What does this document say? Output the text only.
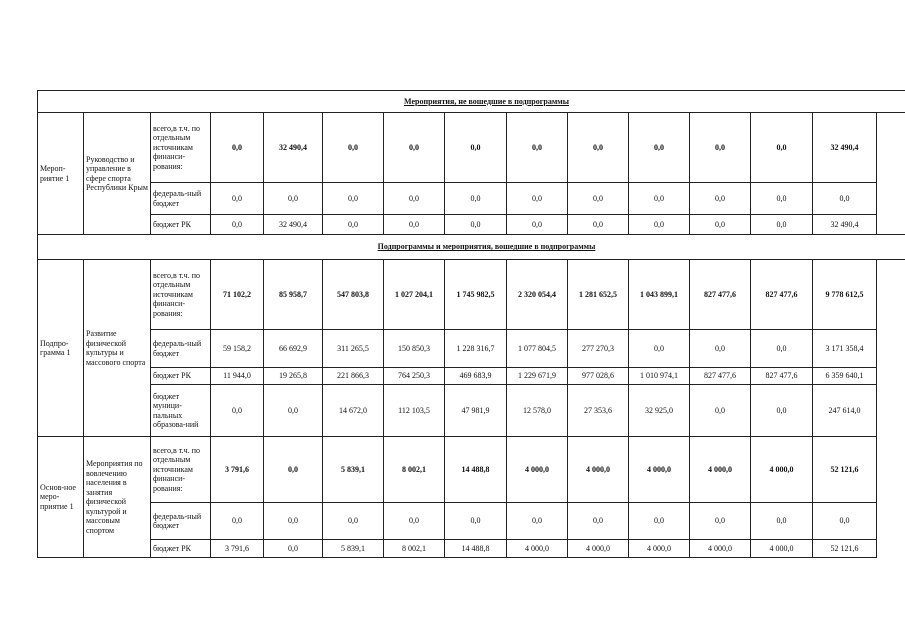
Мероприятия, не вошедшие в подпрограммы													
Мероп-риятие 1	Руководство и управление в сфере спорта Республики Крым	всего,в т.ч. по отдельным источникам финанси-рования:	0,0	32 490,4	0,0	0,0	0,0	0,0	0,0	0,0	0,0	0,0	32 490,4
		федераль-ный бюджет	0,0	0,0	0,0	0,0	0,0	0,0	0,0	0,0	0,0	0,0	0,0
		бюджет РК	0,0	32 490,4	0,0	0,0	0,0	0,0	0,0	0,0	0,0	0,0	32 490,4
Подпрограммы и мероприятия, вошедшие в подпрограммы													
Подпро-грамма 1	Развитие физической культуры и массового спорта	всего,в т.ч. по отдельным источникам финанси-рования:	71 102,2	85 958,7	547 803,8	1 027 204,1	1 745 982,5	2 320 054,4	1 281 652,5	1 043 899,1	827 477,6	827 477,6	9 778 612,5
		федераль-ный бюджет	59 158,2	66 692,9	311 265,5	150 850,3	1 228 316,7	1 077 804,5	277 270,3	0,0	0,0	0,0	3 171 358,4
		бюджет РК	11 944,0	19 265,8	221 866,3	764 250,3	469 683,9	1 229 671,9	977 028,6	1 010 974,1	827 477,6	827 477,6	6 359 640,1
		бюджет муници-пальных образова-ний	0,0	0,0	14 672,0	112 103,5	47 981,9	12 578,0	27 353,6	32 925,0	0,0	0,0	247 614,0
Основ-ное меро-приятие 1	Мероприятия по вовлечению населения в занятия физической культурой и массовым спортом	всего,в т.ч. по отдельным источникам финанси-рования:	3 791,6	0,0	5 839,1	8 002,1	14 488,8	4 000,0	4 000,0	4 000,0	4 000,0	4 000,0	52 121,6
		федераль-ный бюджет	0,0	0,0	0,0	0,0	0,0	0,0	0,0	0,0	0,0	0,0	0,0
		бюджет РК	3 791,6	0,0	5 839,1	8 002,1	14 488,8	4 000,0	4 000,0	4 000,0	4 000,0	4 000,0	52 121,6
